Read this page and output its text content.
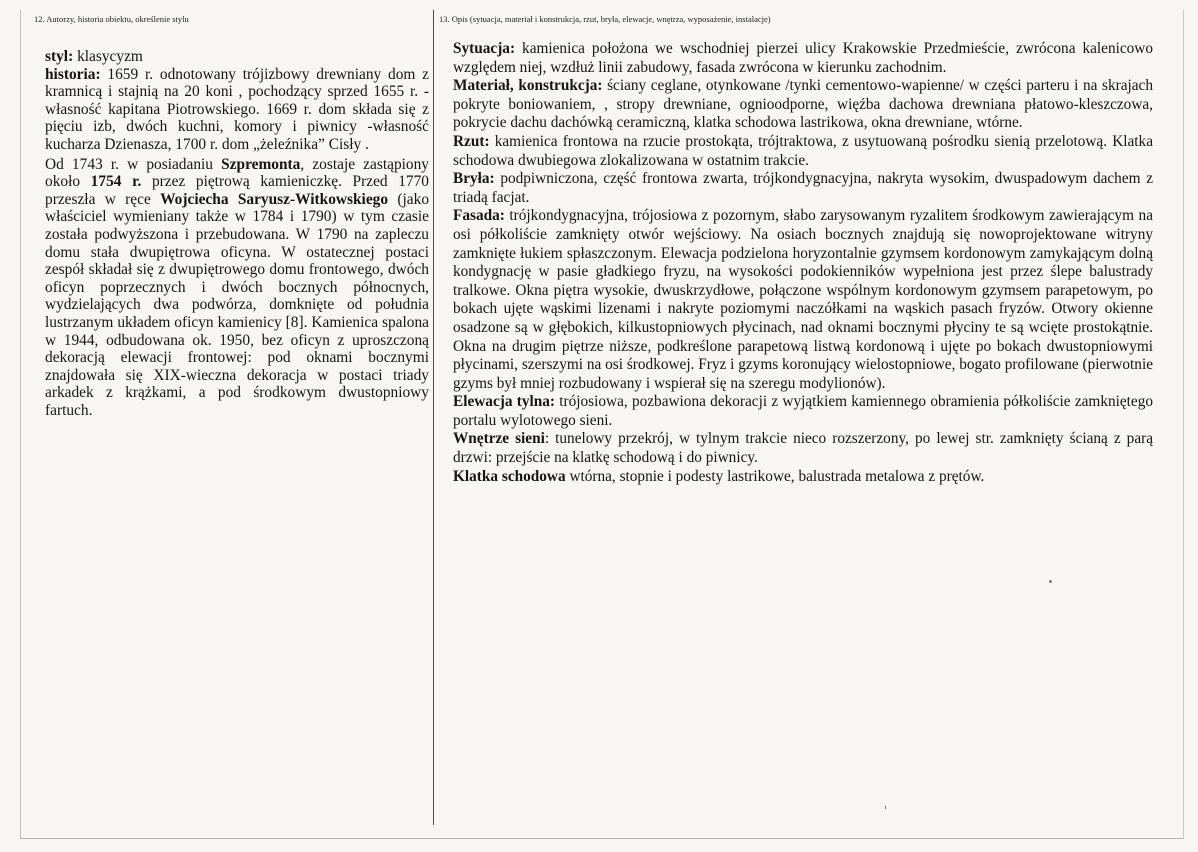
12. Autorzy, historia obiektu, określenie stylu	13. Opis (sytuacja, materiał i konstrukcja, rzut, bryła, elewacje, wnętrza, wyposażenie, instalacje)

styl: klasycyzm
historia: 1659 r. odnotowany trójizbowy drewniany dom z kramnicą i stajnią na 20 koni , pochodzący sprzed 1655 r. -własność kapitana Piotrowskiego. 1669 r. dom składa się z pięciu izb, dwóch kuchni, komory i piwnicy -własność kucharza Dzienasza, 1700 r. dom „żeleźnika” Cisły .

Od 1743 r. w posiadaniu Szpremonta, zostaje zastąpiony około 1754 r. przez piętrową kamieniczkę. Przed 1770 przeszła w ręce Wojciecha Saryusz-Witkowskiego (jako właściciel wymieniany także w 1784 i 1790) w tym czasie została podwyższona i przebudowana. W 1790 na zapleczu domu stała dwupiętrowa oficyna. W ostatecznej postaci zespół składał się z dwupiętrowego domu frontowego, dwóch oficyn poprzecznych i dwóch bocznych północnych, wydzielających dwa podwórza, domknięte od południa lustrzanym układem oficyn kamienicy [8]. Kamienica spalona w 1944, odbudowana ok. 1950, bez oficyn z uproszczoną dekoracją elewacji frontowej: pod oknami bocznymi znajdowała się XIX-wieczna dekoracja w postaci triady arkadek z krążkami, a pod środkowym dwustopniowy fartuch.

Sytuacja: kamienica położona we wschodniej pierzei ulicy Krakowskie Przedmieście, zwrócona kalenicowo względem niej, wzdłuż linii zabudowy, fasada zwrócona w kierunku zachodnim.

Materiał, konstrukcja: ściany ceglane, otynkowane /tynki cementowo-wapienne/ w części parteru i na skrajach pokryte boniowaniem, , stropy drewniane, ognioodporne, więźba dachowa drewniana płatowo-kleszczowa, pokrycie dachu dachówką ceramiczną, klatka schodowa lastrikowa, okna drewniane, wtórne.

Rzut: kamienica frontowa na rzucie prostokąta, trójtraktowa, z usytuowaną pośrodku sienią przelotową. Klatka schodowa dwubiegowa zlokalizowana w ostatnim trakcie.

Bryła: podpiwniczona, część frontowa zwarta, trójkondygnacyjna, nakryta wysokim, dwuspadowym dachem z triadą facjat.

Fasada: trójkondygnacyjna, trójosiowa z pozornym, słabo zarysowanym ryzalitem środkowym zawierającym na osi półkoliście zamknięty otwór wejściowy. Na osiach bocznych znajdują się nowoprojektowane witryny zamknięte łukiem spłaszczonym. Elewacja podzielona horyzontalnie gzymsem kordonowym zamykającym dolną kondygnację w pasie gładkiego fryzu, na wysokości podokienników wypełniona jest przez ślepe balustrady tralkowe. Okna piętra wysokie, dwuskrzydłowe, połączone wspólnym kordonowym gzymsem parapetowym, po bokach ujęte wąskimi lizenami i nakryte poziomymi naczółkami na wąskich pasach fryzów. Otwory okienne osadzone są w głębokich, kilkustopniowych płycinach, nad oknami bocznymi płyciny te są wcięte prostokątnie. Okna na drugim piętrze niższe, podkreślone parapetową listwą kordonową i ujęte po bokach dwustopniowymi płycinami, szerszymi na osi środkowej. Fryz i gzyms koronujący wielostopniowe, bogato profilowane (pierwotnie gzyms był mniej rozbudowany i wspierał się na szeregu modylionów).

Elewacja tylna: trójosiowa, pozbawiona dekoracji z wyjątkiem kamiennego obramienia półkoliście zamkniętego portalu wylotowego sieni.

Wnętrze sieni: tunelowy przekrój, w tylnym trakcie nieco rozszerzony, po lewej str. zamknięty ścianą z parą drzwi: przejście na klatkę schodową i do piwnicy.

Klatka schodowa wtórna, stopnie i podesty lastrikowe, balustrada metalowa z prętów.
